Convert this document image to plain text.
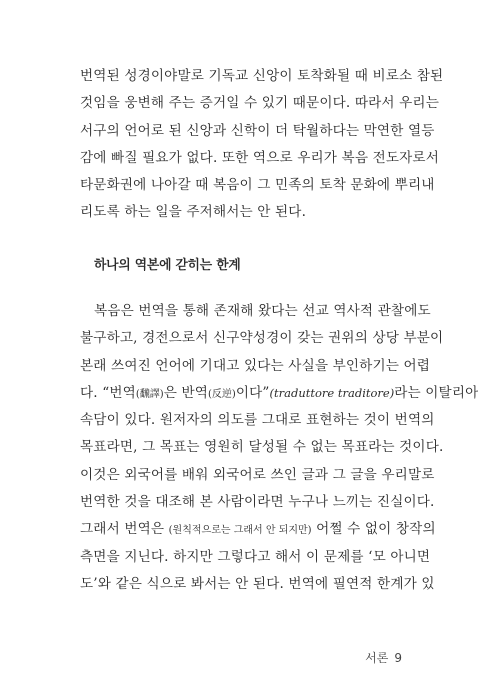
번역된 성경이야말로 기독교 신앙이 토착화될 때 비로소 참된
것임을 웅변해 주는 증거일 수 있기 때문이다. 따라서 우리는
서구의 언어로 된 신앙과 신학이 더 탁월하다는 막연한 열등
감에 빠질 필요가 없다. 또한 역으로 우리가 복음 전도자로서
타문화권에 나아갈 때 복음이 그 민족의 토착 문화에 뿌리내
리도록 하는 일을 주저해서는 안 된다.
하나의 역본에 갇히는 한계
복음은 번역을 통해 존재해 왔다는 선교 역사적 관찰에도
불구하고, 경전으로서 신구약성경이 갖는 권위의 상당 부분이
본래 쓰여진 언어에 기대고 있다는 사실을 부인하기는 어렵
다. “번역(飜譯)은 반역(反逆)이다”(traduttore traditore)라는 이탈리아
속담이 있다. 원저자의 의도를 그대로 표현하는 것이 번역의
목표라면, 그 목표는 영원히 달성될 수 없는 목표라는 것이다.
이것은 외국어를 배워 외국어로 쓰인 글과 그 글을 우리말로
번역한 것을 대조해 본 사람이라면 누구나 느끼는 진실이다.
그래서 번역은 (원칙적으로는 그래서 안 되지만) 어쩔 수 없이 창작의
측면을 지닌다. 하지만 그렇다고 해서 이 문제를 ‘모 아니면
도’와 같은 식으로 봐서는 안 된다. 번역에 필연적 한계가 있
서론 9
